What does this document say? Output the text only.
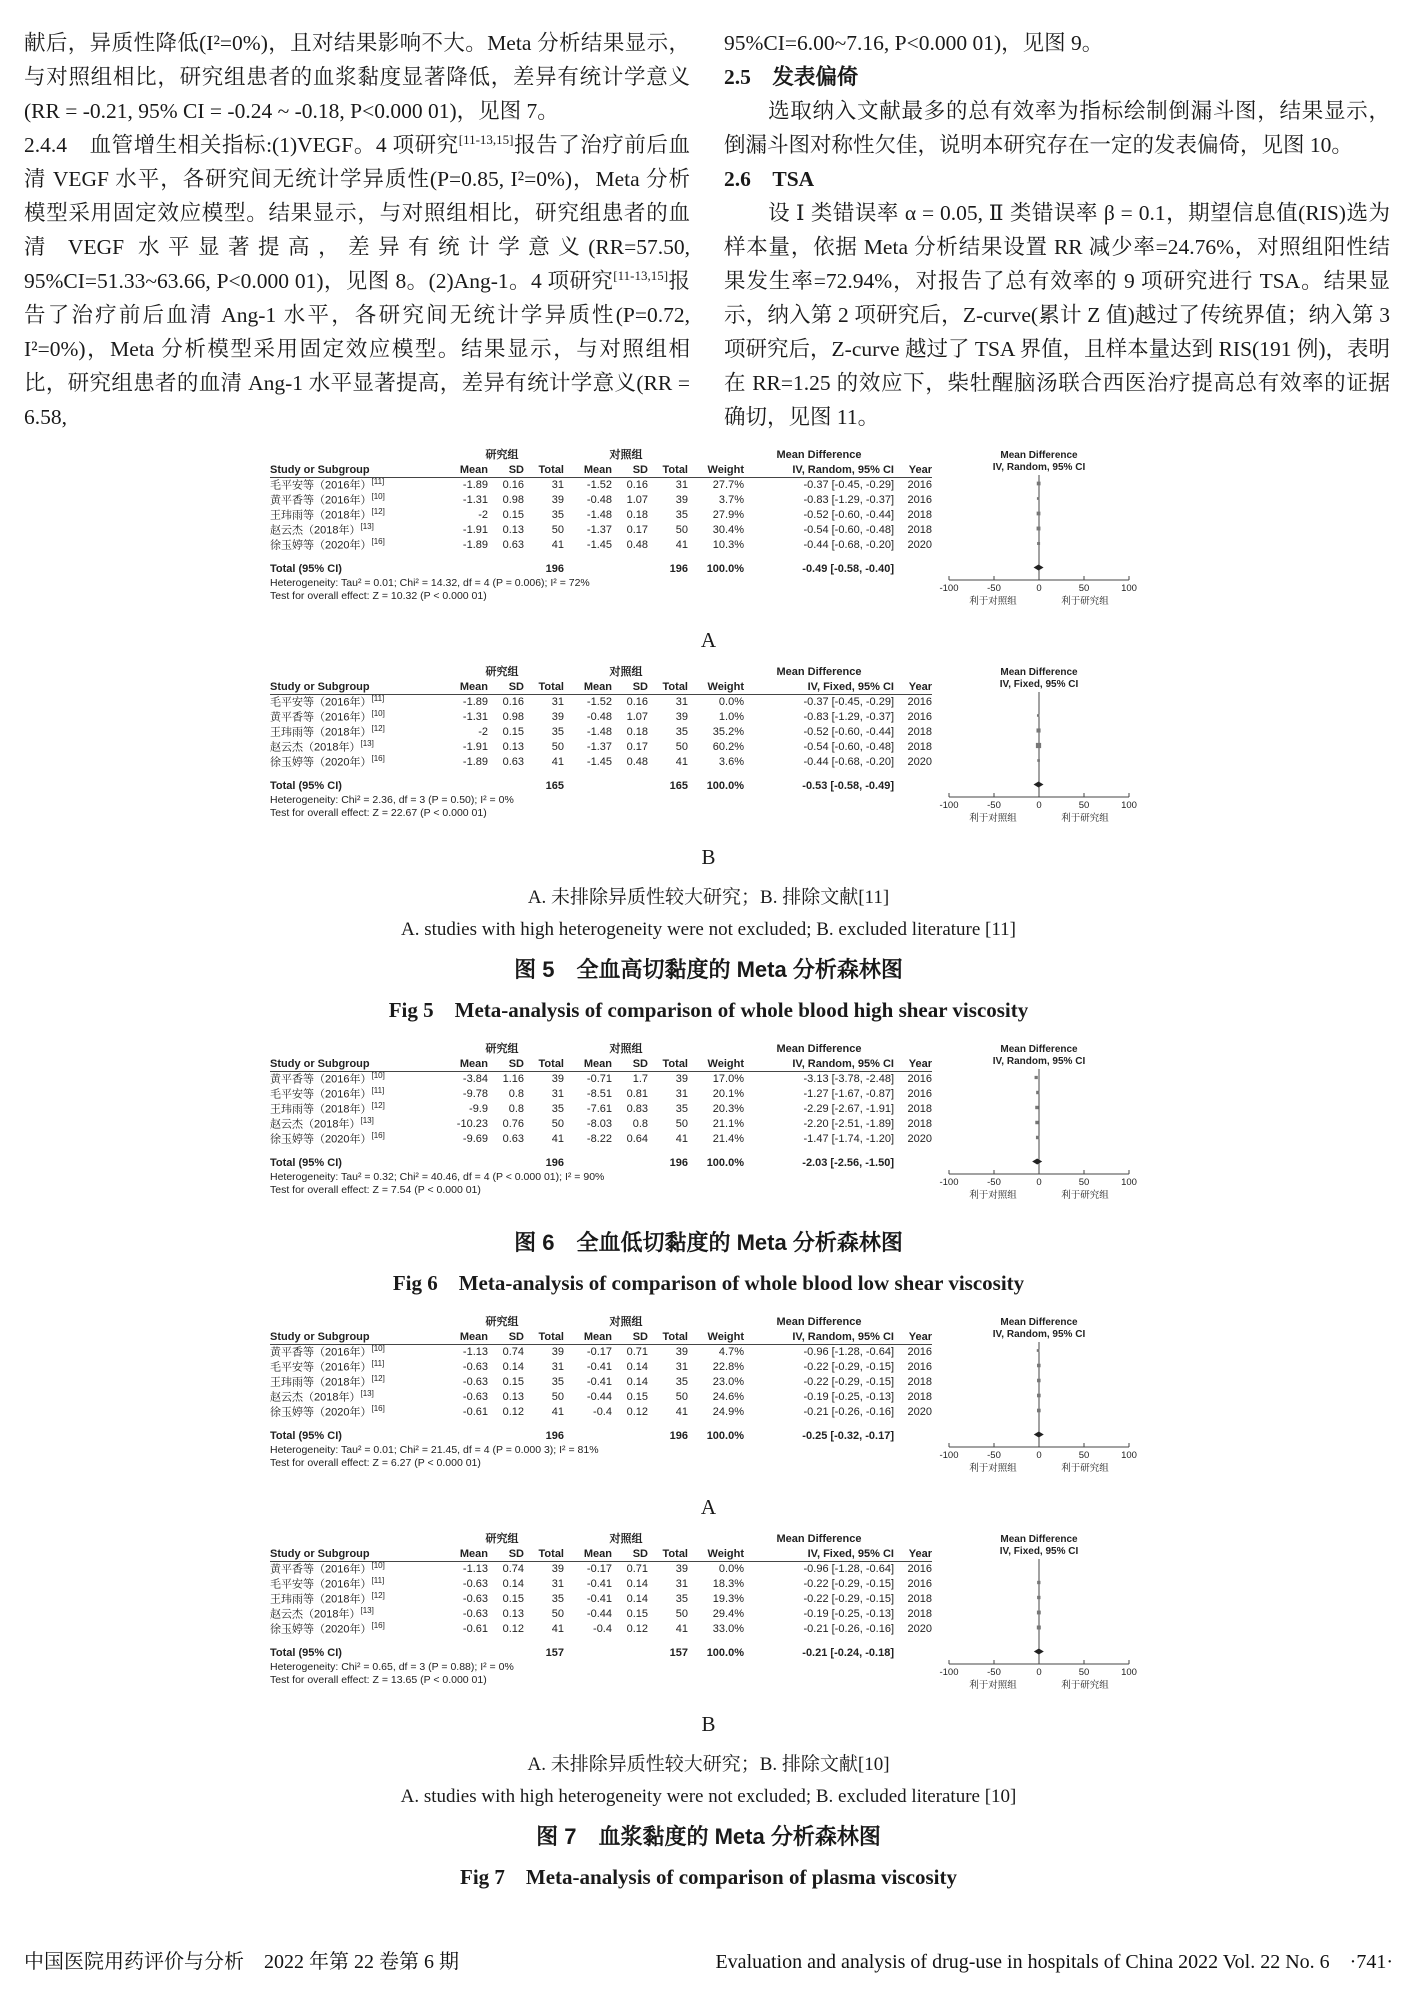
献后，异质性降低(I²=0%)，且对结果影响不大。Meta 分析结果显示，与对照组相比，研究组患者的血浆黏度显著降低，差异有统计学意义(RR = -0.21, 95% CI = -0.24 ~ -0.18, P<0.000 01)，见图 7。

2.4.4　血管增生相关指标:(1)VEGF。4 项研究[11-13,15]报告了治疗前后血清 VEGF 水平，各研究间无统计学异质性(P=0.85, I²=0%)，Meta 分析模型采用固定效应模型。结果显示，与对照组相比，研究组患者的血清 VEGF 水平显著提高，差异有统计学意义(RR=57.50, 95%CI=51.33~63.66, P<0.000 01)，见图 8。(2)Ang-1。4 项研究[11-13,15]报告了治疗前后血清 Ang-1 水平，各研究间无统计学异质性(P=0.72, I²=0%)，Meta 分析模型采用固定效应模型。结果显示，与对照组相比，研究组患者的血清 Ang-1 水平显著提高，差异有统计学意义(RR = 6.58,

95%CI=6.00~7.16, P<0.000 01)，见图 9。

2.5　发表偏倚

选取纳入文献最多的总有效率为指标绘制倒漏斗图，结果显示，倒漏斗图对称性欠佳，说明本研究存在一定的发表偏倚，见图 10。

2.6　TSA

设 Ⅰ 类错误率 α = 0.05, Ⅱ 类错误率 β = 0.1，期望信息值(RIS)选为样本量，依据 Meta 分析结果设置 RR 减少率=24.76%，对照组阳性结果发生率=72.94%，对报告了总有效率的 9 项研究进行 TSA。结果显示，纳入第 2 项研究后，Z-curve(累计 Z 值)越过了传统界值；纳入第 3 项研究后，Z-curve 越过了 TSA 界值，且样本量达到 RIS(191 例)，表明在 RR=1.25 的效应下，柴牡醒脑汤联合西医治疗提高总有效率的证据确切，见图 11。

研究组	对照组	Mean Difference
Study or Subgroup	Mean	SD	Total	Mean	SD	Total	Weight	IV, Random, 95% CI	Year
毛平安等（2016年）[11]	-1.89	0.16	31	-1.52	0.16	31	27.7%	-0.37 [-0.45, -0.29]	2016
黄平香等（2016年）[10]	-1.31	0.98	39	-0.48	1.07	39	3.7%	-0.83 [-1.29, -0.37]	2016
王玮雨等（2018年）[12]	-2	0.15	35	-1.48	0.18	35	27.9%	-0.52 [-0.60, -0.44]	2018
赵云杰（2018年）[13]	-1.91	0.13	50	-1.37	0.17	50	30.4%	-0.54 [-0.60, -0.48]	2018
徐玉婷等（2020年）[16]	-1.89	0.63	41	-1.45	0.48	41	10.3%	-0.44 [-0.68, -0.20]	2020
Total (95% CI)	196	196	100.0%	-0.49 [-0.58, -0.40]
Heterogeneity: Tau² = 0.01; Chi² = 14.32, df = 4 (P = 0.006); I² = 72%
Test for overall effect: Z = 10.32 (P < 0.000 01)
Mean Difference
IV, Random, 95% CI
-100	-50	0	50	100
利于对照组	利于研究组
A
研究组	对照组	Mean Difference
Study or Subgroup	Mean	SD	Total	Mean	SD	Total	Weight	IV, Fixed, 95% CI	Year
毛平安等（2016年）[11]	-1.89	0.16	31	-1.52	0.16	31	0.0%	-0.37 [-0.45, -0.29]	2016
黄平香等（2016年）[10]	-1.31	0.98	39	-0.48	1.07	39	1.0%	-0.83 [-1.29, -0.37]	2016
王玮雨等（2018年）[12]	-2	0.15	35	-1.48	0.18	35	35.2%	-0.52 [-0.60, -0.44]	2018
赵云杰（2018年）[13]	-1.91	0.13	50	-1.37	0.17	50	60.2%	-0.54 [-0.60, -0.48]	2018
徐玉婷等（2020年）[16]	-1.89	0.63	41	-1.45	0.48	41	3.6%	-0.44 [-0.68, -0.20]	2020
Total (95% CI)	165	165	100.0%	-0.53 [-0.58, -0.49]
Heterogeneity: Chi² = 2.36, df = 3 (P = 0.50); I² = 0%
Test for overall effect: Z = 22.67 (P < 0.000 01)
Mean Difference
IV, Fixed, 95% CI
-100	-50	0	50	100
利于对照组	利于研究组
B
A. 未排除异质性较大研究；B. 排除文献[11]
A. studies with high heterogeneity were not excluded; B. excluded literature [11]
图 5　全血高切黏度的 Meta 分析森林图
Fig 5　Meta-analysis of comparison of whole blood high shear viscosity
研究组	对照组	Mean Difference
Study or Subgroup	Mean	SD	Total	Mean	SD	Total	Weight	IV, Random, 95% CI	Year
黄平香等（2016年）[10]	-3.84	1.16	39	-0.71	1.7	39	17.0%	-3.13 [-3.78, -2.48]	2016
毛平安等（2016年）[11]	-9.78	0.8	31	-8.51	0.81	31	20.1%	-1.27 [-1.67, -0.87]	2016
王玮雨等（2018年）[12]	-9.9	0.8	35	-7.61	0.83	35	20.3%	-2.29 [-2.67, -1.91]	2018
赵云杰（2018年）[13]	-10.23	0.76	50	-8.03	0.8	50	21.1%	-2.20 [-2.51, -1.89]	2018
徐玉婷等（2020年）[16]	-9.69	0.63	41	-8.22	0.64	41	21.4%	-1.47 [-1.74, -1.20]	2020
Total (95% CI)	196	196	100.0%	-2.03 [-2.56, -1.50]
Heterogeneity: Tau² = 0.32; Chi² = 40.46, df = 4 (P < 0.000 01); I² = 90%
Test for overall effect: Z = 7.54 (P < 0.000 01)
Mean Difference
IV, Random, 95% CI
-100	-50	0	50	100
利于对照组	利于研究组
图 6　全血低切黏度的 Meta 分析森林图
Fig 6　Meta-analysis of comparison of whole blood low shear viscosity
研究组	对照组	Mean Difference
Study or Subgroup	Mean	SD	Total	Mean	SD	Total	Weight	IV, Random, 95% CI	Year
黄平香等（2016年）[10]	-1.13	0.74	39	-0.17	0.71	39	4.7%	-0.96 [-1.28, -0.64]	2016
毛平安等（2016年）[11]	-0.63	0.14	31	-0.41	0.14	31	22.8%	-0.22 [-0.29, -0.15]	2016
王玮雨等（2018年）[12]	-0.63	0.15	35	-0.41	0.14	35	23.0%	-0.22 [-0.29, -0.15]	2018
赵云杰（2018年）[13]	-0.63	0.13	50	-0.44	0.15	50	24.6%	-0.19 [-0.25, -0.13]	2018
徐玉婷等（2020年）[16]	-0.61	0.12	41	-0.4	0.12	41	24.9%	-0.21 [-0.26, -0.16]	2020
Total (95% CI)	196	196	100.0%	-0.25 [-0.32, -0.17]
Heterogeneity: Tau² = 0.01; Chi² = 21.45, df = 4 (P = 0.000 3); I² = 81%
Test for overall effect: Z = 6.27 (P < 0.000 01)
Mean Difference
IV, Random, 95% CI
-100	-50	0	50	100
利于对照组	利于研究组
A
研究组	对照组	Mean Difference
Study or Subgroup	Mean	SD	Total	Mean	SD	Total	Weight	IV, Fixed, 95% CI	Year
黄平香等（2016年）[10]	-1.13	0.74	39	-0.17	0.71	39	0.0%	-0.96 [-1.28, -0.64]	2016
毛平安等（2016年）[11]	-0.63	0.14	31	-0.41	0.14	31	18.3%	-0.22 [-0.29, -0.15]	2016
王玮雨等（2018年）[12]	-0.63	0.15	35	-0.41	0.14	35	19.3%	-0.22 [-0.29, -0.15]	2018
赵云杰（2018年）[13]	-0.63	0.13	50	-0.44	0.15	50	29.4%	-0.19 [-0.25, -0.13]	2018
徐玉婷等（2020年）[16]	-0.61	0.12	41	-0.4	0.12	41	33.0%	-0.21 [-0.26, -0.16]	2020
Total (95% CI)	157	157	100.0%	-0.21 [-0.24, -0.18]
Heterogeneity: Chi² = 0.65, df = 3 (P = 0.88); I² = 0%
Test for overall effect: Z = 13.65 (P < 0.000 01)
Mean Difference
IV, Fixed, 95% CI
-100	-50	0	50	100
利于对照组	利于研究组
B
A. 未排除异质性较大研究；B. 排除文献[10]
A. studies with high heterogeneity were not excluded; B. excluded literature [10]
图 7　血浆黏度的 Meta 分析森林图
Fig 7　Meta-analysis of comparison of plasma viscosity
中国医院用药评价与分析　2022 年第 22 卷第 6 期	Evaluation and analysis of drug-use in hospitals of China 2022 Vol. 22 No. 6　·741·
